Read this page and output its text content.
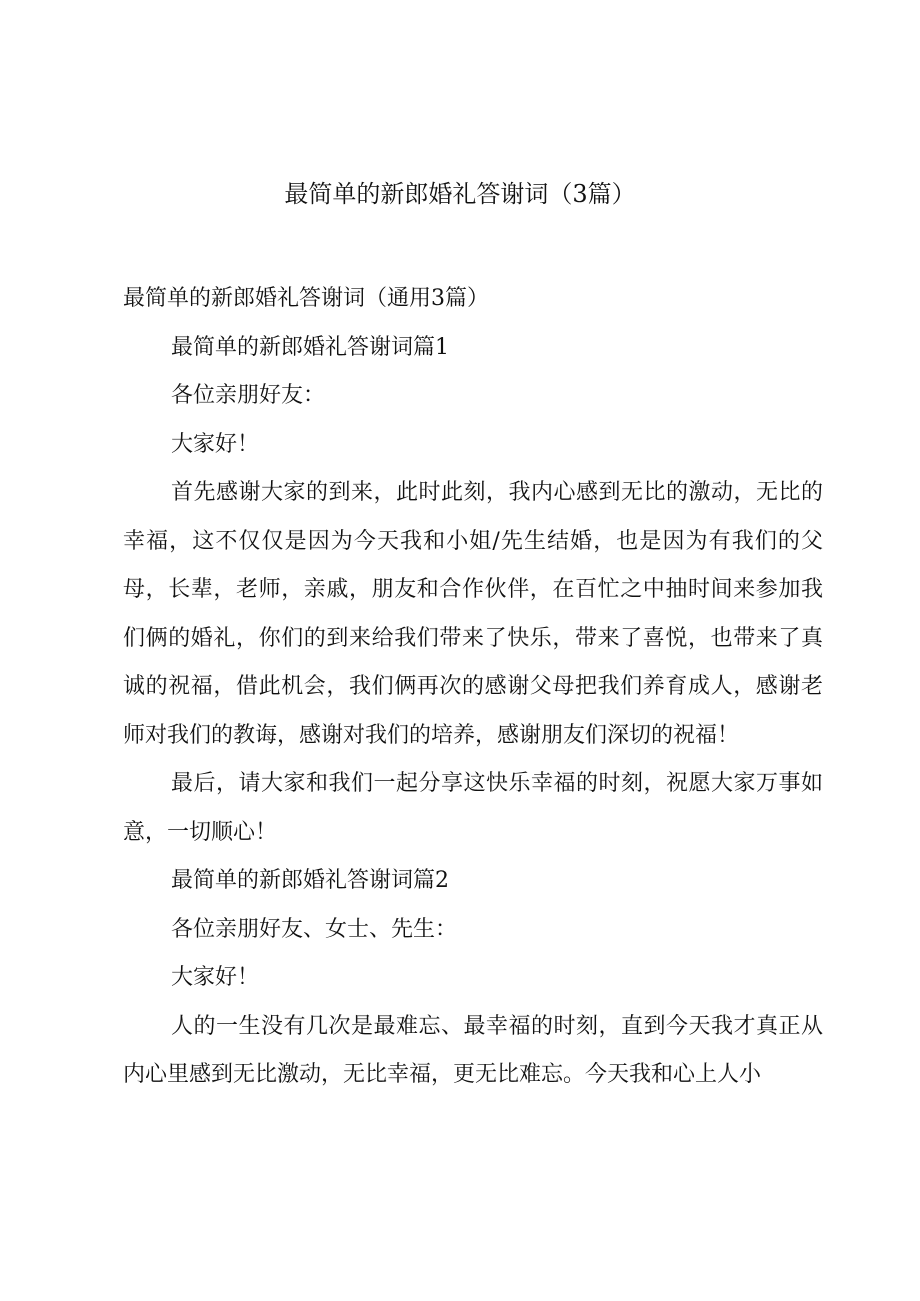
最简单的新郎婚礼答谢词（3篇）

最简单的新郎婚礼答谢词（通用3篇）

最简单的新郎婚礼答谢词篇1

各位亲朋好友：

大家好！

首先感谢大家的到来，此时此刻，我内心感到无比的激动，无比的幸福，这不仅仅是因为今天我和小姐/先生结婚，也是因为有我们的父母，长辈，老师，亲戚，朋友和合作伙伴，在百忙之中抽时间来参加我们俩的婚礼，你们的到来给我们带来了快乐，带来了喜悦，也带来了真诚的祝福，借此机会，我们俩再次的感谢父母把我们养育成人，感谢老师对我们的教诲，感谢对我们的培养，感谢朋友们深切的祝福！

最后，请大家和我们一起分享这快乐幸福的时刻，祝愿大家万事如意，一切顺心！

最简单的新郎婚礼答谢词篇2

各位亲朋好友、女士、先生：

大家好！

人的一生没有几次是最难忘、最幸福的时刻，直到今天我才真正从内心里感到无比激动，无比幸福，更无比难忘。今天我和心上人小
